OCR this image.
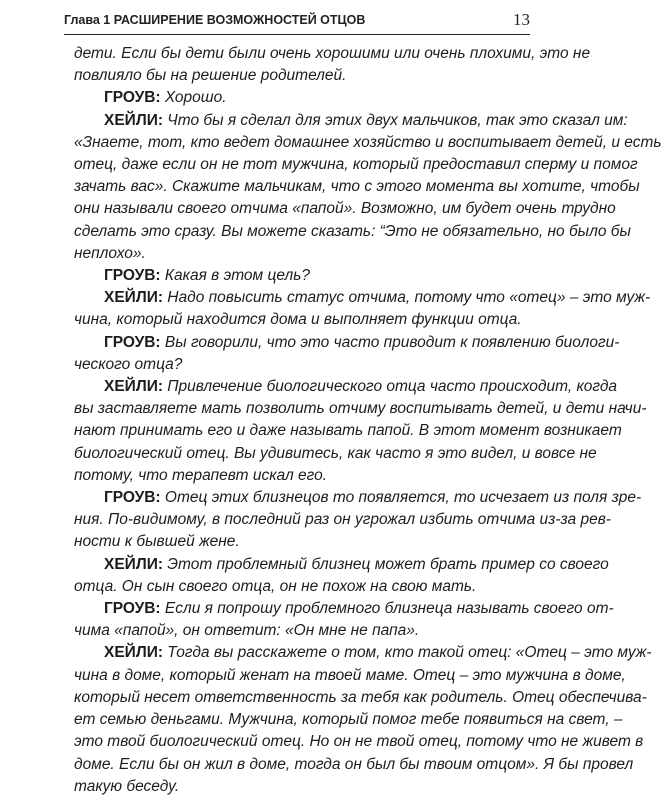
Глава 1 РАСШИРЕНИЕ ВОЗМОЖНОСТЕЙ ОТЦОВ	13
дети. Если бы дети были очень хорошими или очень плохими, это не
повлияло бы на решение родителей.
ГРОУВ: Хорошо.
ХЕЙЛИ: Что бы я сделал для этих двух мальчиков, так это сказал им:
«Знаете, тот, кто ведет домашнее хозяйство и воспитывает детей, и есть
отец, даже если он не тот мужчина, который предоставил сперму и помог
зачать вас». Скажите мальчикам, что с этого момента вы хотите, чтобы
они называли своего отчима «папой». Возможно, им будет очень трудно
сделать это сразу. Вы можете сказать: “Это не обязательно, но было бы
неплохо».
ГРОУВ: Какая в этом цель?
ХЕЙЛИ: Надо повысить статус отчима, потому что «отец» – это муж-
чина, который находится дома и выполняет функции отца.
ГРОУВ: Вы говорили, что это часто приводит к появлению биологи-
ческого отца?
ХЕЙЛИ: Привлечение биологического отца часто происходит, когда
вы заставляете мать позволить отчиму воспитывать детей, и дети начи-
нают принимать его и даже называть папой. В этот момент возникает
биологический отец. Вы удивитесь, как часто я это видел, и вовсе не
потому, что терапевт искал его.
ГРОУВ: Отец этих близнецов то появляется, то исчезает из поля зре-
ния. По-видимому, в последний раз он угрожал избить отчима из-за рев-
ности к бывшей жене.
ХЕЙЛИ: Этот проблемный близнец может брать пример со своего
отца. Он сын своего отца, он не похож на свою мать.
ГРОУВ: Если я попрошу проблемного близнеца называть своего от-
чима «папой», он ответит: «Он мне не папа».
ХЕЙЛИ: Тогда вы расскажете о том, кто такой отец: «Отец – это муж-
чина в доме, который женат на твоей маме. Отец – это мужчина в доме,
который несет ответственность за тебя как родитель. Отец обеспечива-
ет семью деньгами. Мужчина, который помог тебе появиться на свет, –
это твой биологический отец. Но он не твой отец, потому что не живет в
доме. Если бы он жил в доме, тогда он был бы твоим отцом». Я бы провел
такую беседу.
